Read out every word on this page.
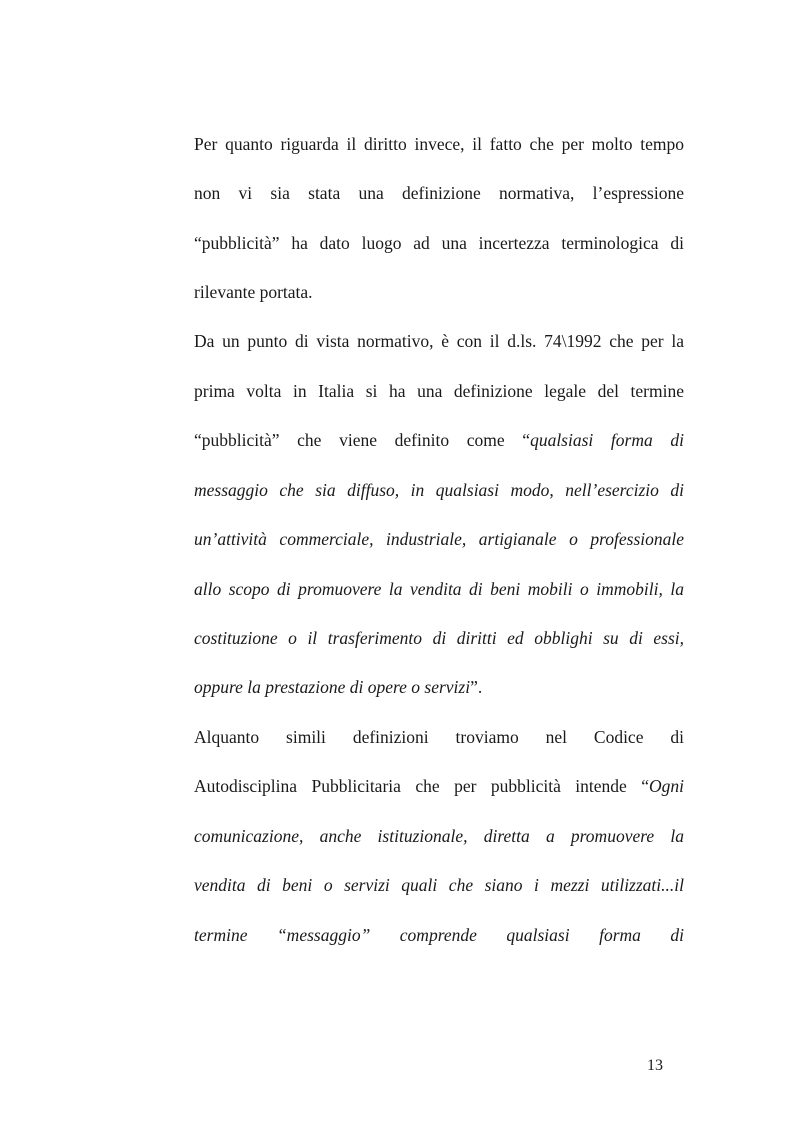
Per quanto riguarda il diritto invece, il fatto che per molto tempo
non vi sia stata una definizione normativa, l’espressione
“pubblicità” ha dato luogo ad una incertezza terminologica di
rilevante portata.
Da un punto di vista normativo, è con il d.ls. 74\1992 che per la
prima volta in Italia si ha una definizione legale del termine
“pubblicità” che viene definito come “qualsiasi forma di
messaggio che sia diffuso, in qualsiasi modo, nell’esercizio di
un’attività commerciale, industriale, artigianale o professionale
allo scopo di promuovere la vendita di beni mobili o immobili, la
costituzione o il trasferimento di diritti ed obblighi su di essi,
oppure la prestazione di opere o servizi”.
Alquanto simili definizioni troviamo nel Codice di
Autodisciplina Pubblicitaria che per pubblicità intende “Ogni
comunicazione, anche istituzionale, diretta a promuovere la
vendita di beni o servizi quali che siano i mezzi utilizzati...il
termine “messaggio” comprende qualsiasi forma di
13
